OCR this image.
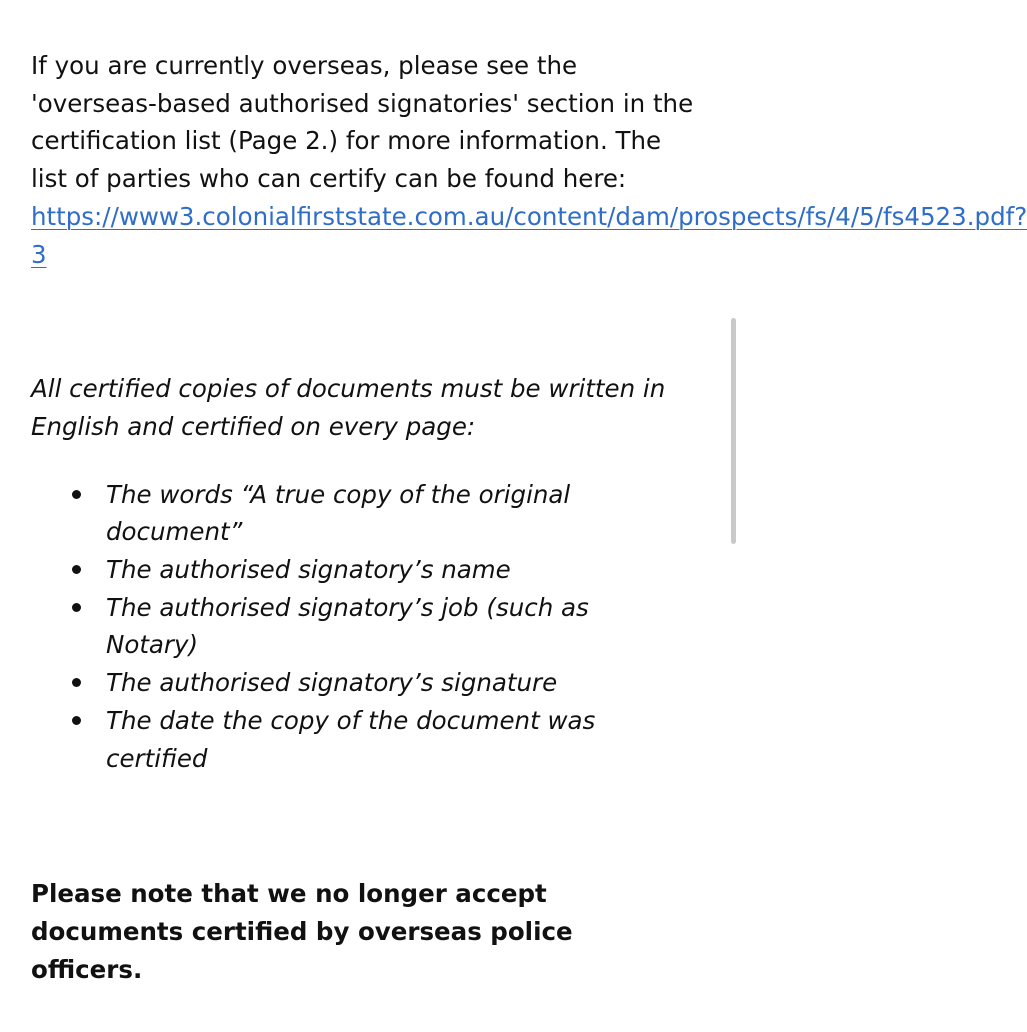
If you are currently overseas, please see the 'overseas-based authorised signatories' section in the certification list (Page 2.) for more information. The list of parties who can certify can be found here: https://www3.colonialfirststate.com.au/content/dam/prospects/fs/4/5/fs4523.pdf?3

All certified copies of documents must be written in English and certified on every page:

The words “A true copy of the original document”
The authorised signatory’s name
The authorised signatory’s job (such as Notary)
The authorised signatory’s signature
The date the copy of the document was certified

Please note that we no longer accept documents certified by overseas police officers.
